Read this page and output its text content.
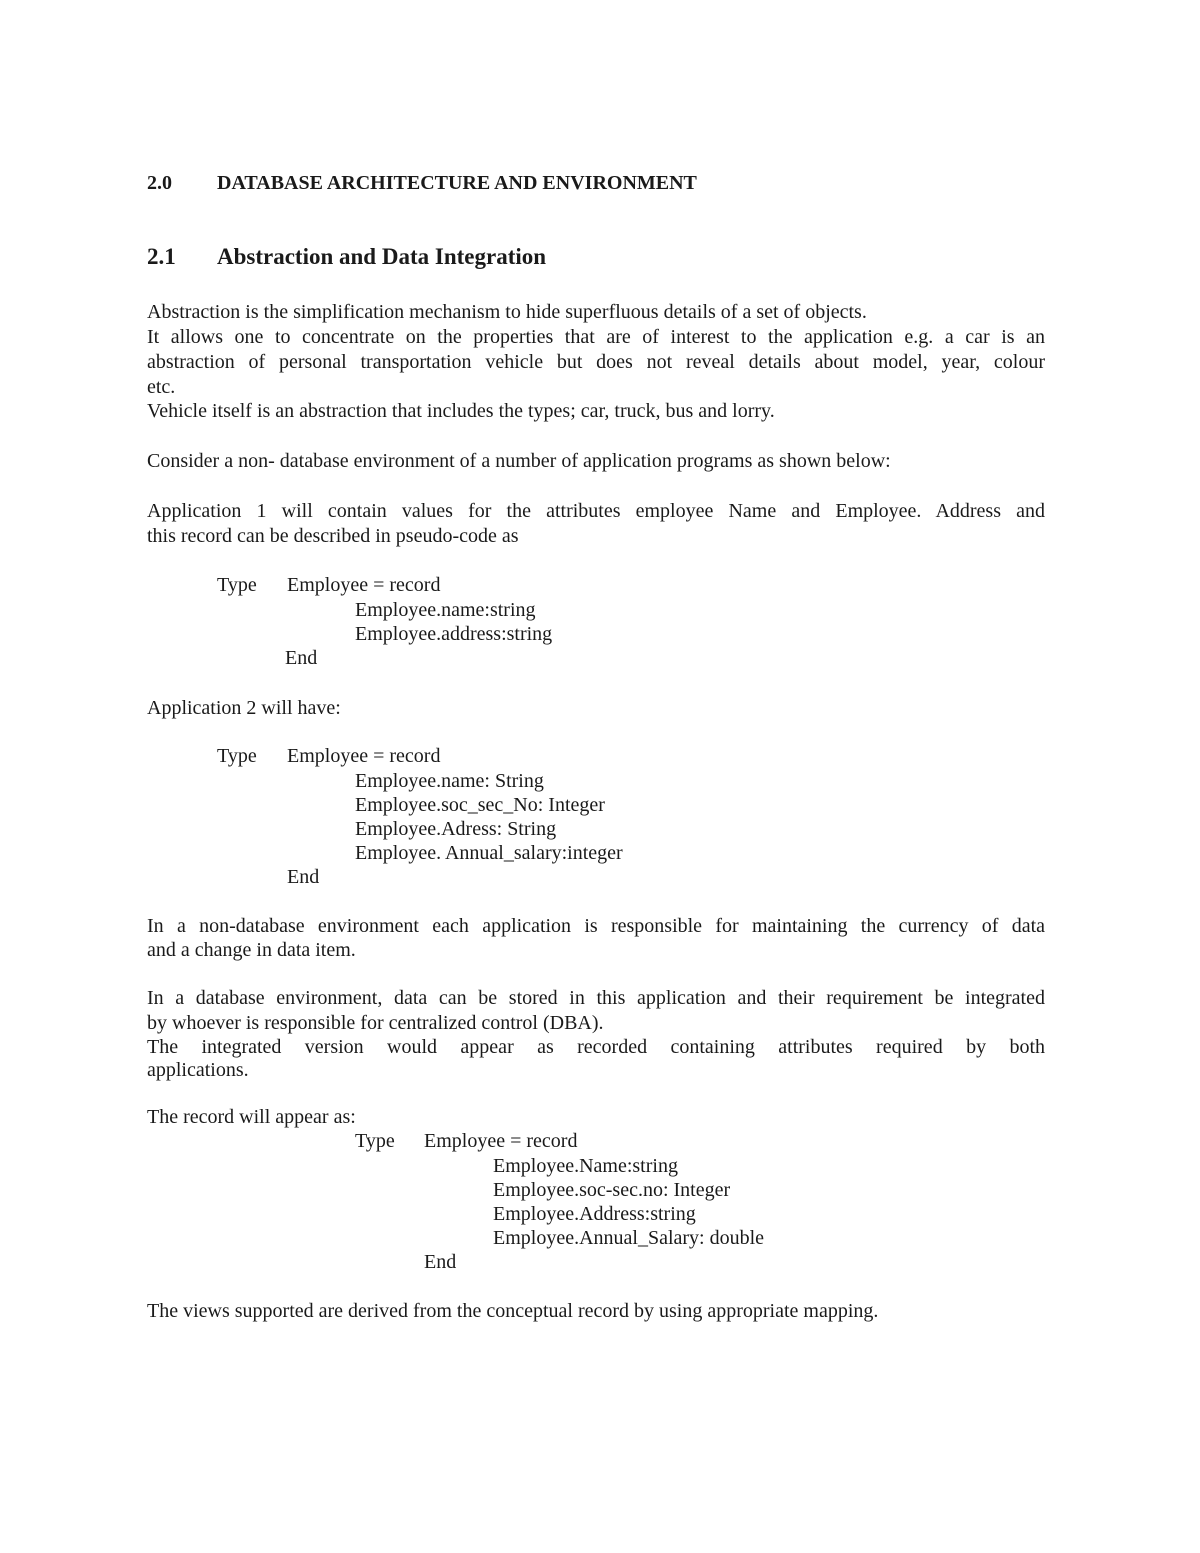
2.0 DATABASE ARCHITECTURE AND ENVIRONMENT
2.1 Abstraction and Data Integration
Abstraction is the simplification mechanism to hide superfluous details of a set of objects.
It allows one to concentrate on the properties that are of interest to the application e.g. a car is an
abstraction of personal transportation vehicle but does not reveal details about model, year, colour
etc.
Vehicle itself is an abstraction that includes the types; car, truck, bus and lorry.
Consider a non- database environment of a number of application programs as shown below:
Application 1 will contain values for the attributes employee Name and Employee. Address and
this record can be described in pseudo-code as
Type Employee = record
Employee.name:string
Employee.address:string
End
Application 2 will have:
Type Employee = record
Employee.name: String
Employee.soc_sec_No: Integer
Employee.Adress: String
Employee. Annual_salary:integer
End
In a non-database environment each application is responsible for maintaining the currency of data
and a change in data item.
In a database environment, data can be stored in this application and their requirement be integrated
by whoever is responsible for centralized control (DBA).
The integrated version would appear as recorded containing attributes required by both
applications.
The record will appear as:
Type Employee = record
Employee.Name:string
Employee.soc-sec.no: Integer
Employee.Address:string
Employee.Annual_Salary: double
End
The views supported are derived from the conceptual record by using appropriate mapping.
